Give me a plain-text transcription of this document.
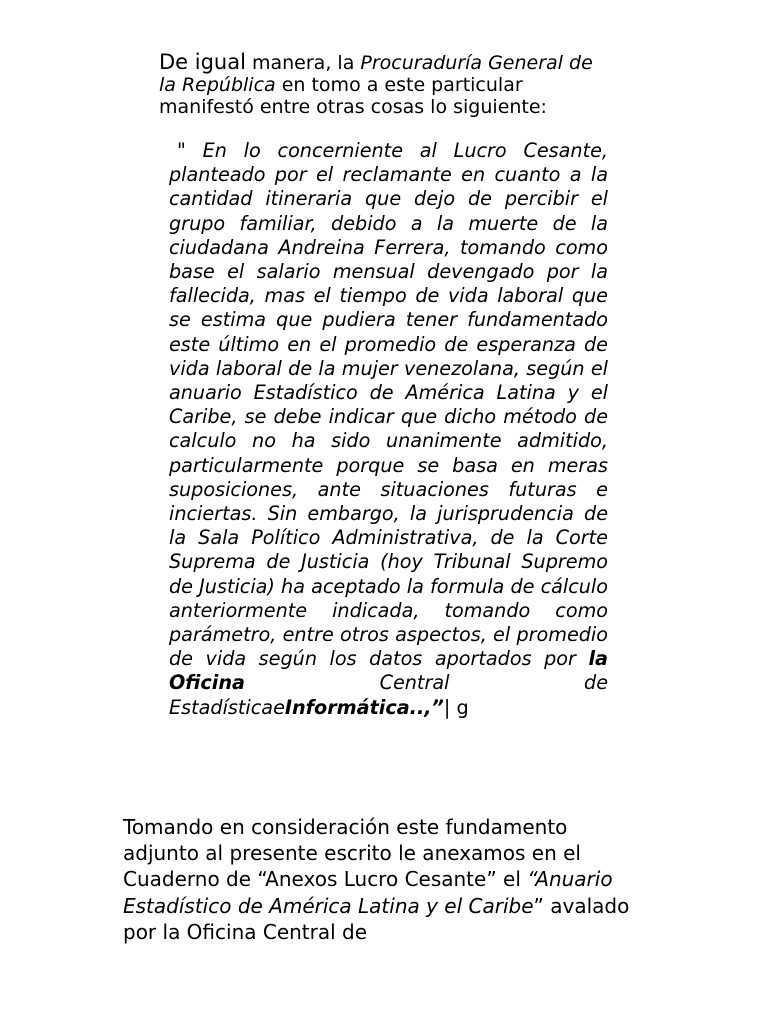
De igual manera, la Procuraduría General de la República en tomo a este particular manifestó entre otras cosas lo siguiente:

" En lo concerniente al Lucro Cesante, planteado por el reclamante en cuanto a la cantidad itineraria que dejo de percibir el grupo familiar, debido a la muerte de la ciudadana Andreina Ferrera, tomando como base el salario mensual devengado por la fallecida, mas el tiempo de vida laboral que se estima que pudiera tener fundamentado este último en el promedio de esperanza de vida laboral de la mujer venezolana, según el anuario Estadístico de América Latina y el Caribe, se debe indicar que dicho método de calculo no ha sido unanimente admitido, particularmente porque se basa en meras suposiciones, ante situaciones futuras e inciertas. Sin embargo, la jurisprudencia de la Sala Político Administrativa, de la Corte Suprema de Justicia (hoy Tribunal Supremo de Justicia) ha aceptado la formula de cálculo anteriormente indicada, tomando como parámetro, entre otros aspectos, el promedio de vida según los datos aportados por la Oficina Central de EstadísticaeInformática..,”| g

Tomando en consideración este fundamento adjunto al presente escrito le anexamos en el Cuaderno de “Anexos Lucro Cesante” el “Anuario Estadístico de América Latina y el Caribe” avalado por la Oficina Central de
